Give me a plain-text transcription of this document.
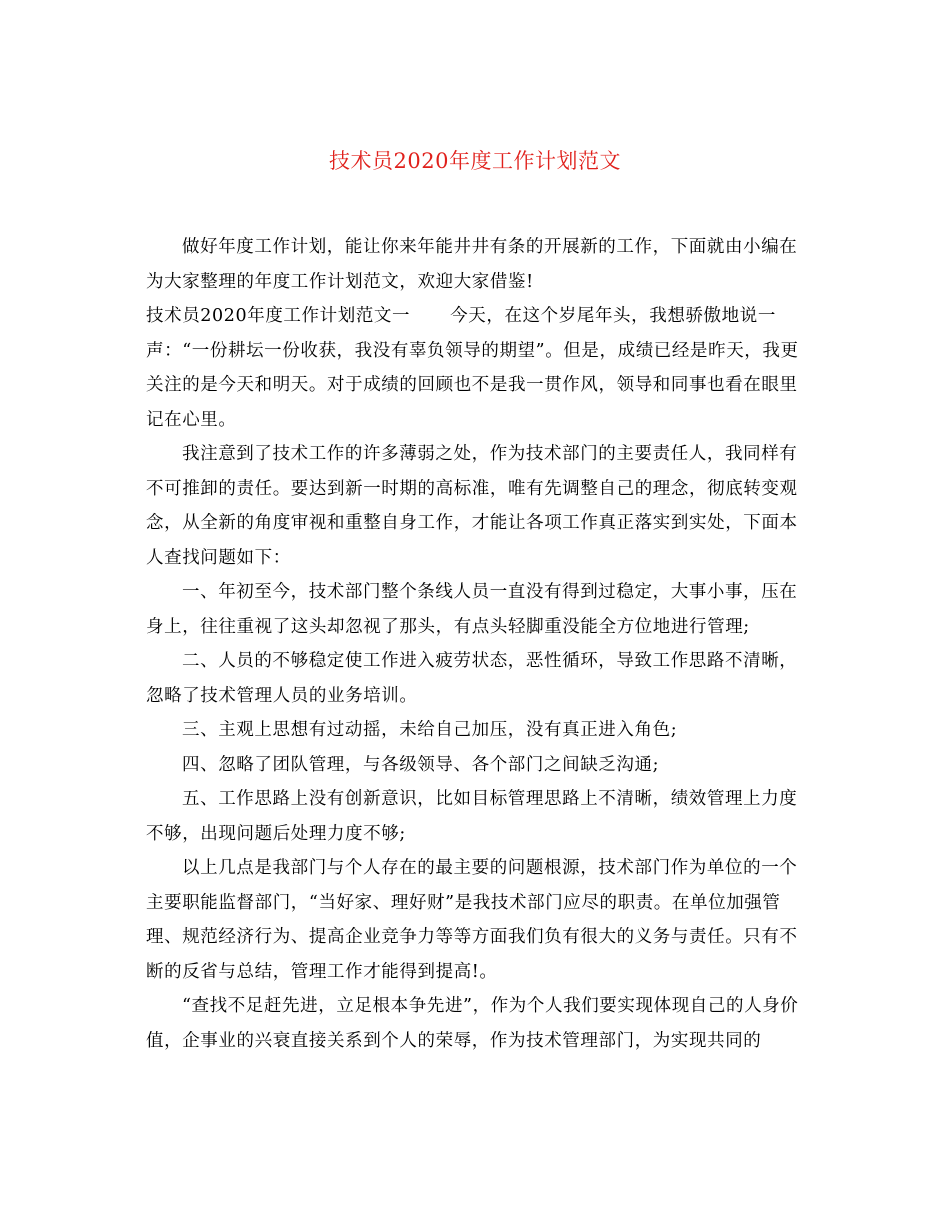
技术员2020年度工作计划范文

做好年度工作计划，能让你来年能井井有条的开展新的工作，下面就由小编在为大家整理的年度工作计划范文，欢迎大家借鉴!

技术员2020年度工作计划范文一 今天，在这个岁尾年头，我想骄傲地说一声：“一份耕坛一份收获，我没有辜负领导的期望”。但是，成绩已经是昨天，我更关注的是今天和明天。对于成绩的回顾也不是我一贯作风，领导和同事也看在眼里记在心里。

我注意到了技术工作的许多薄弱之处，作为技术部门的主要责任人，我同样有不可推卸的责任。要达到新一时期的高标准，唯有先调整自己的理念，彻底转变观念，从全新的角度审视和重整自身工作，才能让各项工作真正落实到实处，下面本人查找问题如下：

一、年初至今，技术部门整个条线人员一直没有得到过稳定，大事小事，压在身上，往往重视了这头却忽视了那头，有点头轻脚重没能全方位地进行管理;

二、人员的不够稳定使工作进入疲劳状态，恶性循环，导致工作思路不清晰，忽略了技术管理人员的业务培训。

三、主观上思想有过动摇，未给自己加压，没有真正进入角色;

四、忽略了团队管理，与各级领导、各个部门之间缺乏沟通;

五、工作思路上没有创新意识，比如目标管理思路上不清晰，绩效管理上力度不够，出现问题后处理力度不够;

以上几点是我部门与个人存在的最主要的问题根源，技术部门作为单位的一个主要职能监督部门，“当好家、理好财”是我技术部门应尽的职责。在单位加强管理、规范经济行为、提高企业竞争力等等方面我们负有很大的义务与责任。只有不断的反省与总结，管理工作才能得到提高!。

“查找不足赶先进，立足根本争先进”，作为个人我们要实现体现自己的人身价值，企事业的兴衰直接关系到个人的荣辱，作为技术管理部门，为实现共同的
